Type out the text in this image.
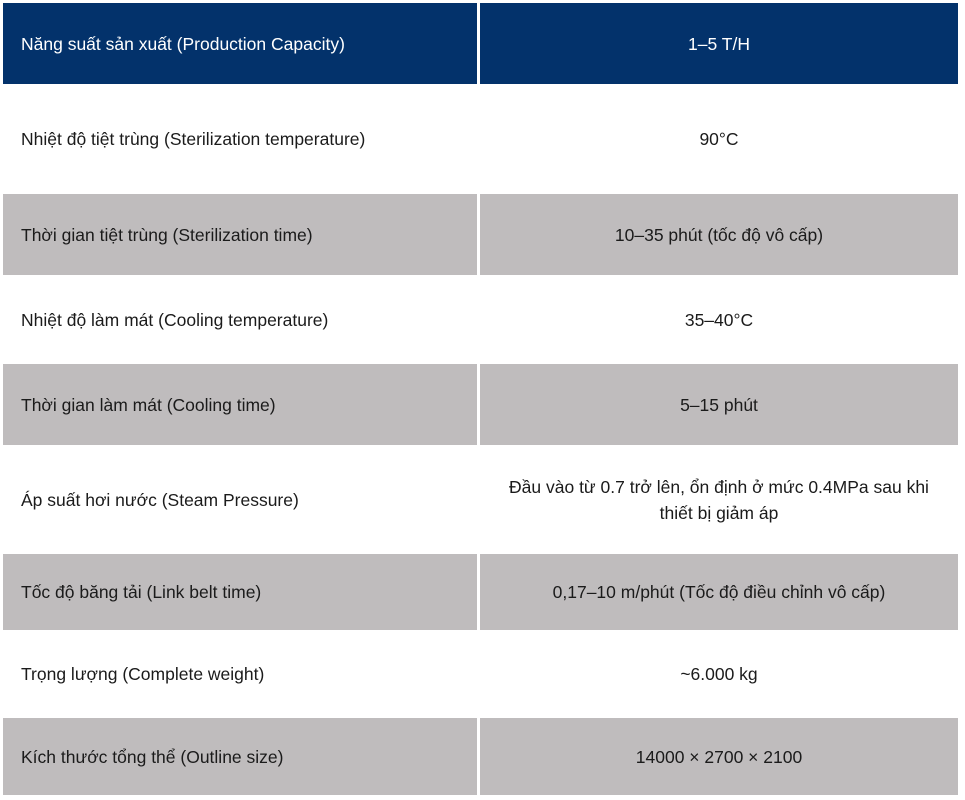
Năng suất sản xuất (Production Capacity)	1–5 T/H
Nhiệt độ tiệt trùng (Sterilization temperature)	90°C
Thời gian tiệt trùng (Sterilization time)	10–35 phút (tốc độ vô cấp)
Nhiệt độ làm mát (Cooling temperature)	35–40°C
Thời gian làm mát (Cooling time)	5–15 phút
Áp suất hơi nước (Steam Pressure)	Đầu vào từ 0.7 trở lên, ổn định ở mức 0.4MPa sau khi thiết bị giảm áp
Tốc độ băng tải (Link belt time)	0,17–10 m/phút (Tốc độ điều chỉnh vô cấp)
Trọng lượng (Complete weight)	~6.000 kg
Kích thước tổng thể (Outline size)	14000 × 2700 × 2100
